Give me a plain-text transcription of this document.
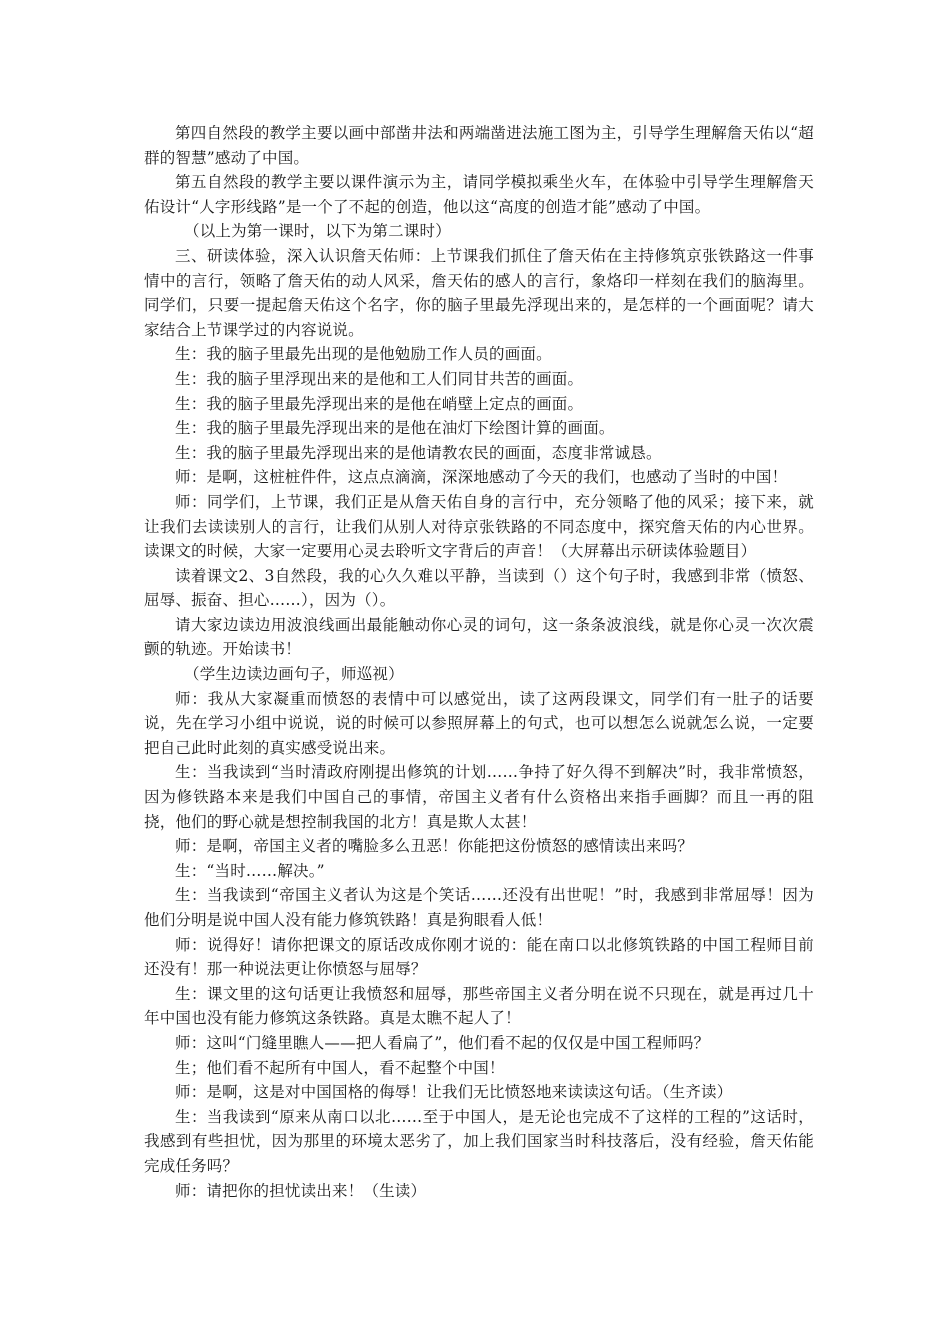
第四自然段的教学主要以画中部凿井法和两端凿进法施工图为主，引导学生理解詹天佑以“超群的智慧”感动了中国。

第五自然段的教学主要以课件演示为主，请同学模拟乘坐火车，在体验中引导学生理解詹天佑设计“人字形线路”是一个了不起的创造，他以这“高度的创造才能”感动了中国。

（以上为第一课时，以下为第二课时）

三、研读体验，深入认识詹天佑师：上节课我们抓住了詹天佑在主持修筑京张铁路这一件事情中的言行，领略了詹天佑的动人风采，詹天佑的感人的言行，象烙印一样刻在我们的脑海里。同学们，只要一提起詹天佑这个名字，你的脑子里最先浮现出来的，是怎样的一个画面呢？请大家结合上节课学过的内容说说。

生：我的脑子里最先出现的是他勉励工作人员的画面。

生：我的脑子里浮现出来的是他和工人们同甘共苦的画面。

生：我的脑子里最先浮现出来的是他在峭壁上定点的画面。

生：我的脑子里最先浮现出来的是他在油灯下绘图计算的画面。

生：我的脑子里最先浮现出来的是他请教农民的画面，态度非常诚恳。

师：是啊，这桩桩件件，这点点滴滴，深深地感动了今天的我们，也感动了当时的中国！

师：同学们，上节课，我们正是从詹天佑自身的言行中，充分领略了他的风采；接下来，就让我们去读读别人的言行，让我们从别人对待京张铁路的不同态度中，探究詹天佑的内心世界。读课文的时候，大家一定要用心灵去聆听文字背后的声音！（大屏幕出示研读体验题目）

读着课文2、3自然段，我的心久久难以平静，当读到（）这个句子时，我感到非常（愤怒、屈辱、振奋、担心……），因为（）。

请大家边读边用波浪线画出最能触动你心灵的词句，这一条条波浪线，就是你心灵一次次震颤的轨迹。开始读书！

（学生边读边画句子，师巡视）

师：我从大家凝重而愤怒的表情中可以感觉出，读了这两段课文，同学们有一肚子的话要说，先在学习小组中说说，说的时候可以参照屏幕上的句式，也可以想怎么说就怎么说，一定要把自己此时此刻的真实感受说出来。

生：当我读到“当时清政府刚提出修筑的计划……争持了好久得不到解决”时，我非常愤怒，因为修铁路本来是我们中国自己的事情，帝国主义者有什么资格出来指手画脚？而且一再的阻挠，他们的野心就是想控制我国的北方！真是欺人太甚！

师：是啊，帝国主义者的嘴脸多么丑恶！你能把这份愤怒的感情读出来吗？

生：“当时……解决。”

生：当我读到“帝国主义者认为这是个笑话……还没有出世呢！”时，我感到非常屈辱！因为他们分明是说中国人没有能力修筑铁路！真是狗眼看人低！

师：说得好！请你把课文的原话改成你刚才说的：能在南口以北修筑铁路的中国工程师目前还没有！那一种说法更让你愤怒与屈辱？

生：课文里的这句话更让我愤怒和屈辱，那些帝国主义者分明在说不只现在，就是再过几十年中国也没有能力修筑这条铁路。真是太瞧不起人了！

师：这叫“门缝里瞧人——把人看扁了”，他们看不起的仅仅是中国工程师吗？

生；他们看不起所有中国人，看不起整个中国！

师：是啊，这是对中国国格的侮辱！让我们无比愤怒地来读读这句话。（生齐读）

生：当我读到“原来从南口以北……至于中国人，是无论也完成不了这样的工程的”这话时，我感到有些担忧，因为那里的环境太恶劣了，加上我们国家当时科技落后，没有经验，詹天佑能完成任务吗？

师：请把你的担忧读出来！（生读）
